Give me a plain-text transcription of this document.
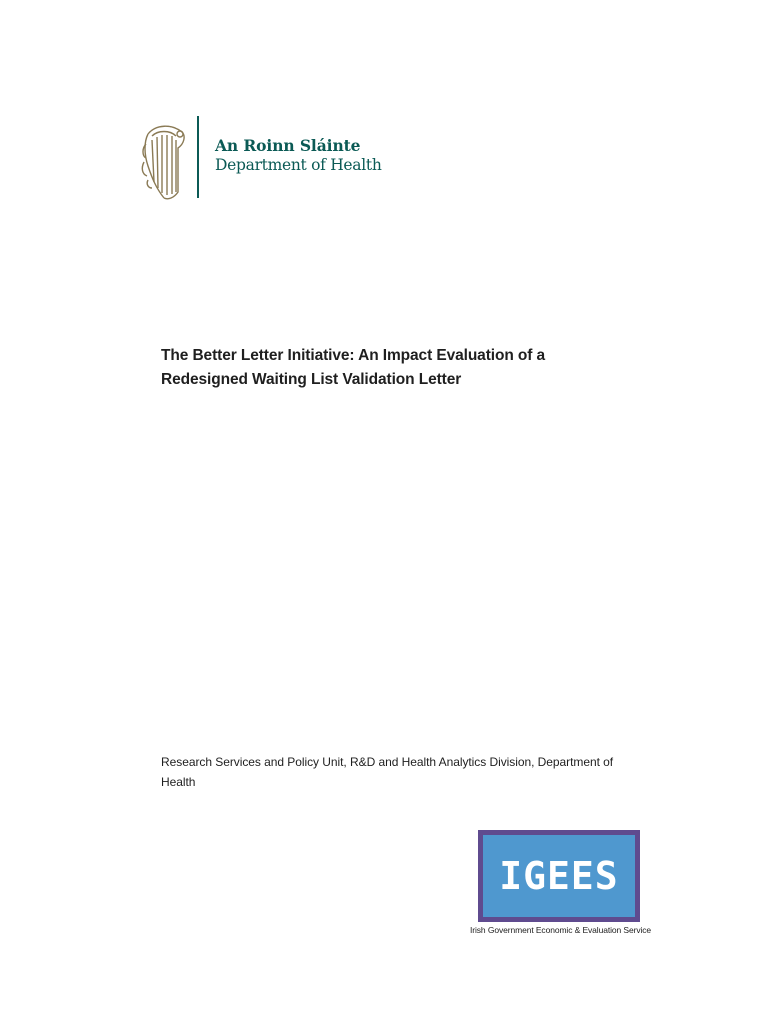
An Roinn Sláinte
Department of Health
The Better Letter Initiative: An Impact Evaluation of a
Redesigned Waiting List Validation Letter
Research Services and Policy Unit, R&D and Health Analytics Division, Department of
Health
IGEES
Irish Government Economic & Evaluation Service
